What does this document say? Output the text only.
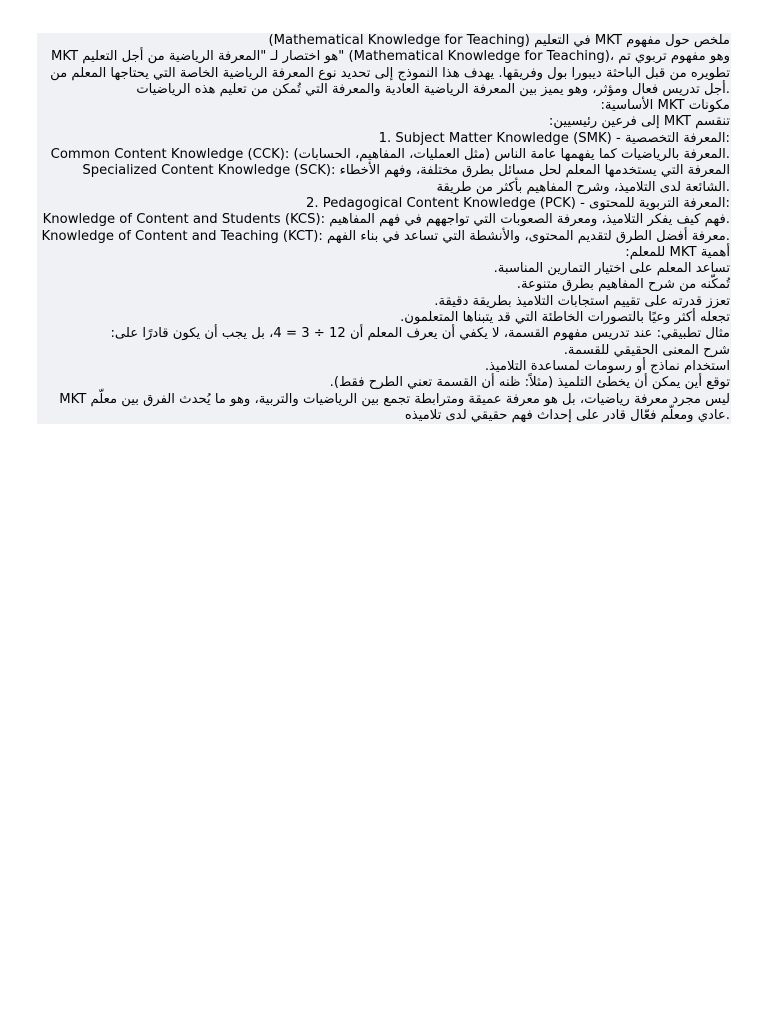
ملخص حول مفهوم MKT في التعليم (Mathematical Knowledge for Teaching)
MKT هو اختصار لـ "المعرفة الرياضية من أجل التعليم" (Mathematical Knowledge for Teaching)، وهو مفهوم تربوي تم تطويره من قبل الباحثة ديبورا بول وفريقها. يهدف هذا النموذج إلى تحديد نوع المعرفة الرياضية الخاصة التي يحتاجها المعلم من أجل تدريس فعال ومؤثر، وهو يميز بين المعرفة الرياضية العادية والمعرفة التي تُمكن من تعليم هذه الرياضيات.
مكونات MKT الأساسية:
تنقسم MKT إلى فرعين رئيسيين:
1. Subject Matter Knowledge (SMK) - المعرفة التخصصية:
Common Content Knowledge (CCK): المعرفة بالرياضيات كما يفهمها عامة الناس (مثل العمليات، المفاهيم، الحسابات).
Specialized Content Knowledge (SCK): المعرفة التي يستخدمها المعلم لحل مسائل بطرق مختلفة، وفهم الأخطاء الشائعة لدى التلاميذ، وشرح المفاهيم بأكثر من طريقة.
2. Pedagogical Content Knowledge (PCK) - المعرفة التربوية للمحتوى:
Knowledge of Content and Students (KCS): فهم كيف يفكر التلاميذ، ومعرفة الصعوبات التي تواجههم في فهم المفاهيم.
Knowledge of Content and Teaching (KCT): معرفة أفضل الطرق لتقديم المحتوى، والأنشطة التي تساعد في بناء الفهم.
أهمية MKT للمعلم:
تساعد المعلم على اختيار التمارين المناسبة.
تُمكّنه من شرح المفاهيم بطرق متنوعة.
تعزز قدرته على تقييم استجابات التلاميذ بطريقة دقيقة.
تجعله أكثر وعيًا بالتصورات الخاطئة التي قد يتبناها المتعلمون.
مثال تطبيقي: عند تدريس مفهوم القسمة، لا يكفي أن يعرف المعلم أن 12 ÷ 3 = 4، بل يجب أن يكون قادرًا على:
شرح المعنى الحقيقي للقسمة.
استخدام نماذج أو رسومات لمساعدة التلاميذ.
توقع أين يمكن أن يخطئ التلميذ (مثلاً: ظنه أن القسمة تعني الطرح فقط).
MKT ليس مجرد معرفة رياضيات، بل هو معرفة عميقة ومترابطة تجمع بين الرياضيات والتربية، وهو ما يُحدث الفرق بين معلّم عادي ومعلّم فعّال قادر على إحداث فهم حقيقي لدى تلاميذه.
